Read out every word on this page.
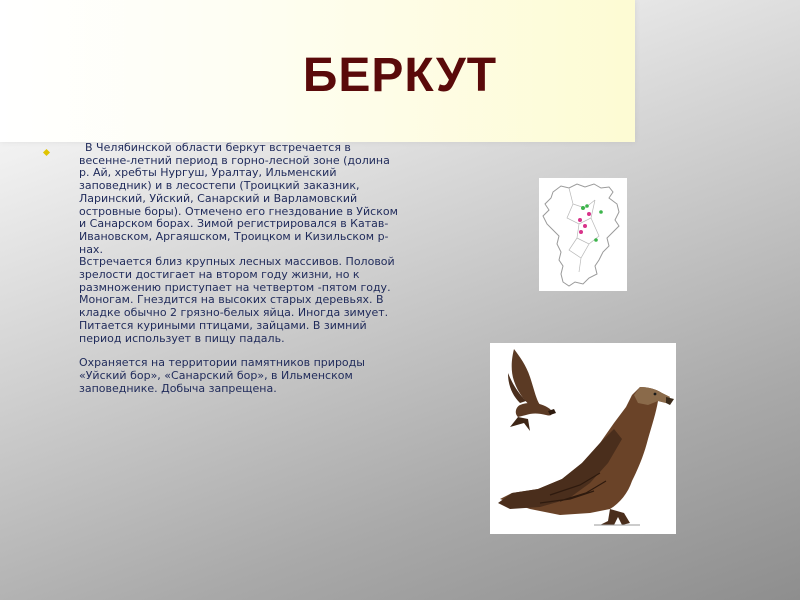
БЕРКУТ

В Челябинской области беркут встречается в весенне-летний период в горно-лесной зоне (долина р. Ай, хребты Нургуш, Уралтау, Ильменский заповедник) и в лесостепи (Троицкий заказник, Ларинский, Уйский, Санарский и Варламовский островные боры). Отмечено его гнездование в Уйском и Санарском борах. Зимой регистрировался в Катав-Ивановском, Аргаяшском, Троицком и Кизильском р-нах.

Встречается близ крупных лесных массивов. Половой зрелости достигает на втором году жизни, но к размножению приступает на четвертом -пятом году. Моногам. Гнездится на высоких старых деревьях. В кладке обычно 2 грязно-белых яйца. Иногда зимует. Питается куриными птицами, зайцами. В зимний период использует в пищу падаль.

Охраняется на территории памятников природы «Уйский бор», «Санарский бор», в Ильменском заповеднике. Добыча запрещена.
